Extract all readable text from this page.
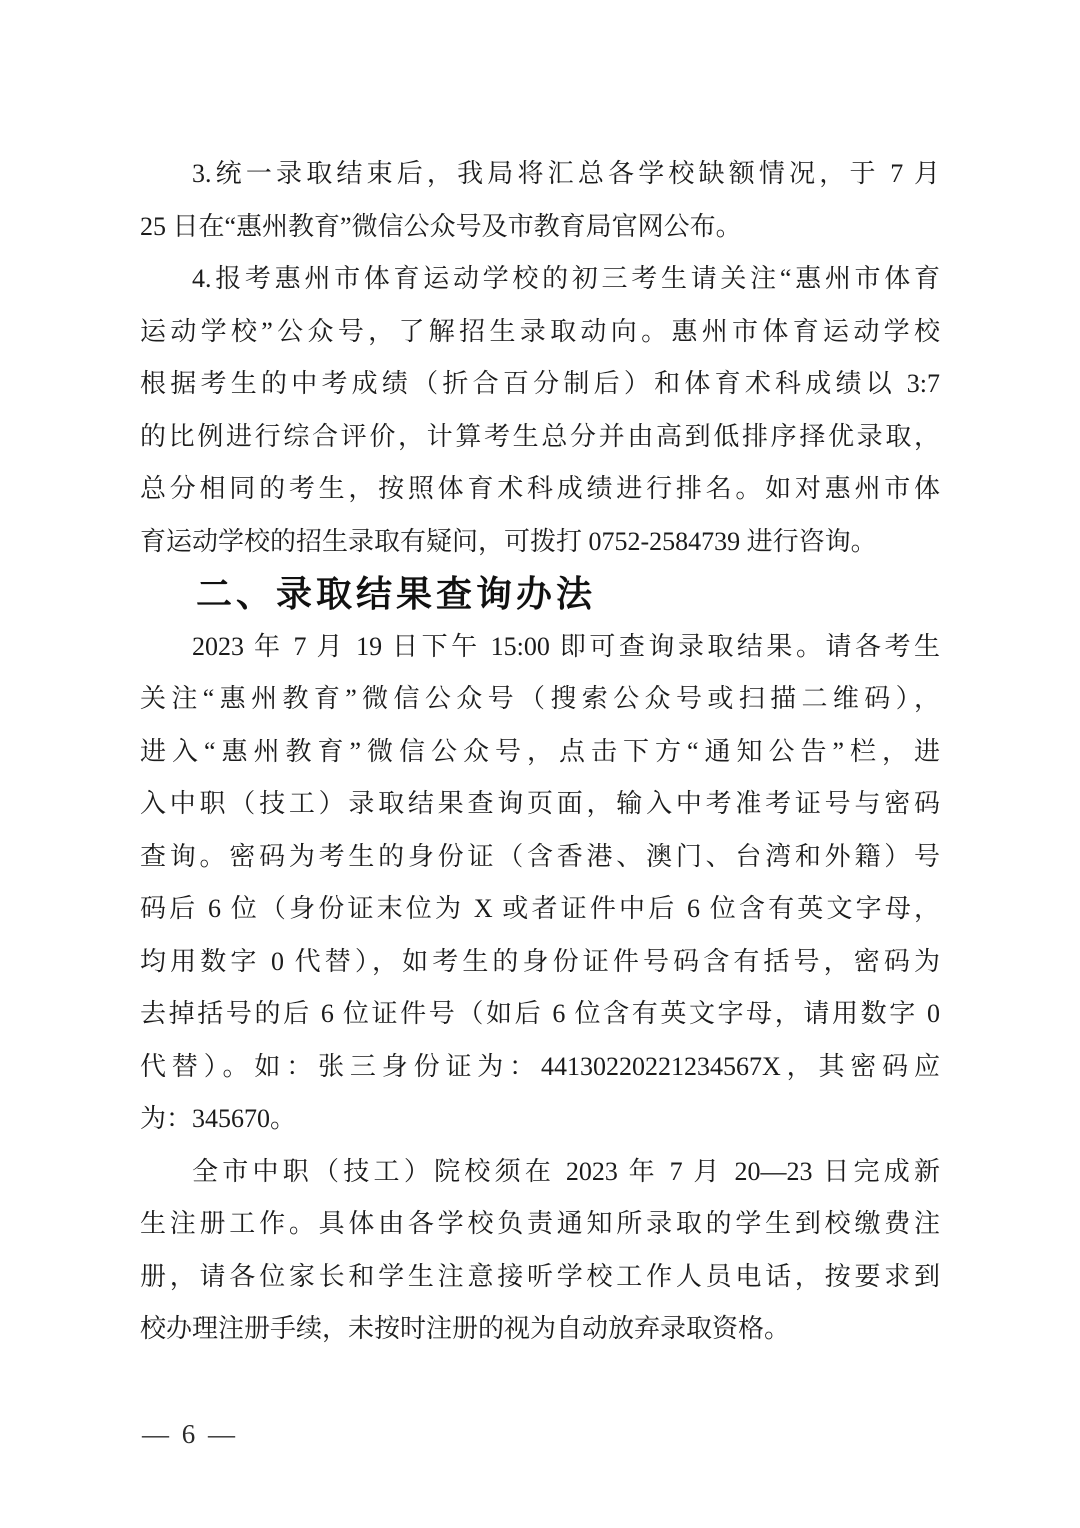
3.统一录取结束后，我局将汇总各学校缺额情况，于 7 月
25 日在“惠州教育”微信公众号及市教育局官网公布。
4.报考惠州市体育运动学校的初三考生请关注“惠州市体育
运动学校”公众号，了解招生录取动向。惠州市体育运动学校
根据考生的中考成绩（折合百分制后）和体育术科成绩以 3:7
的比例进行综合评价，计算考生总分并由高到低排序择优录取，
总分相同的考生，按照体育术科成绩进行排名。如对惠州市体
育运动学校的招生录取有疑问，可拨打 0752-2584739 进行咨询。
二、录取结果查询办法
2023 年 7 月 19 日下午 15:00 即可查询录取结果。请各考生
关注“惠州教育”微信公众号（搜索公众号或扫描二维码），
进入“惠州教育”微信公众号，点击下方“通知公告”栏，进
入中职（技工）录取结果查询页面，输入中考准考证号与密码
查询。密码为考生的身份证（含香港、澳门、台湾和外籍）号
码后 6 位（身份证末位为 X 或者证件中后 6 位含有英文字母，
均用数字 0 代替），如考生的身份证件号码含有括号，密码为
去掉括号的后 6 位证件号（如后 6 位含有英文字母，请用数字 0
代替）。如：张三身份证为：44130220221234567X，其密码应
为：345670。
全市中职（技工）院校须在 2023 年 7 月 20—23 日完成新
生注册工作。具体由各学校负责通知所录取的学生到校缴费注
册，请各位家长和学生注意接听学校工作人员电话，按要求到
校办理注册手续，未按时注册的视为自动放弃录取资格。
— 6 —
